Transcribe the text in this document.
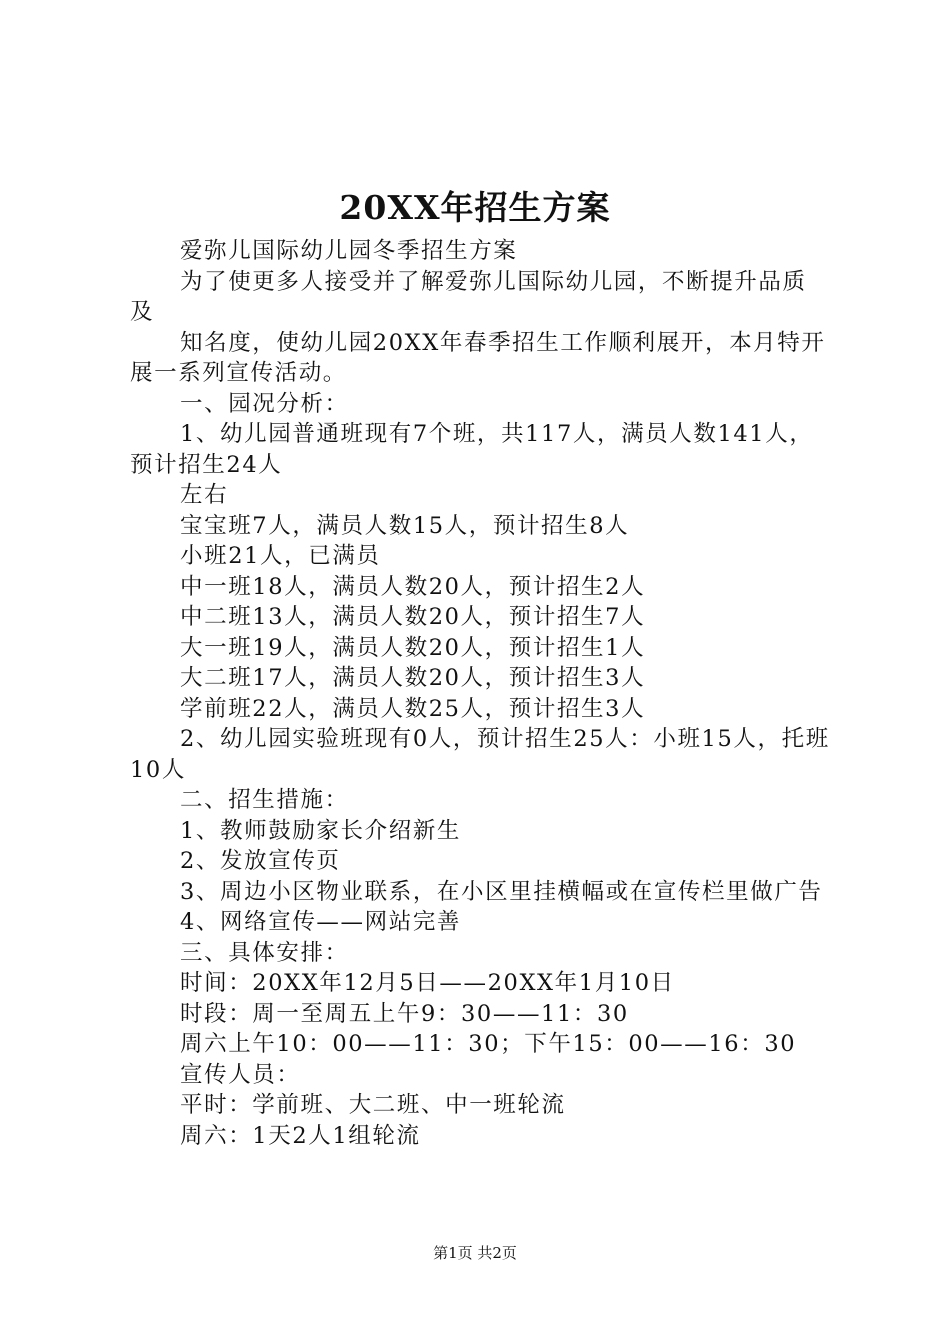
20XX年招生方案

爱弥儿国际幼儿园冬季招生方案

为了使更多人接受并了解爱弥儿国际幼儿园，不断提升品质及

知名度，使幼儿园20XX年春季招生工作顺利展开，本月特开展一系列宣传活动。

一、园况分析：

1、幼儿园普通班现有7个班，共117人，满员人数141人，预计招生24人

左右

宝宝班7人，满员人数15人，预计招生8人

小班21人，已满员

中一班18人，满员人数20人，预计招生2人

中二班13人，满员人数20人，预计招生7人

大一班19人，满员人数20人，预计招生1人

大二班17人，满员人数20人，预计招生3人

学前班22人，满员人数25人，预计招生3人

2、幼儿园实验班现有0人，预计招生25人：小班15人，托班10人

二、招生措施：

1、教师鼓励家长介绍新生

2、发放宣传页

3、周边小区物业联系，在小区里挂横幅或在宣传栏里做广告

4、网络宣传——网站完善

三、具体安排：

时间：20XX年12月5日——20XX年1月10日

时段：周一至周五上午9：30——11：30

周六上午10：00——11：30；下午15：00——16：30

宣传人员：

平时：学前班、大二班、中一班轮流

周六：1天2人1组轮流

第1页 共2页
